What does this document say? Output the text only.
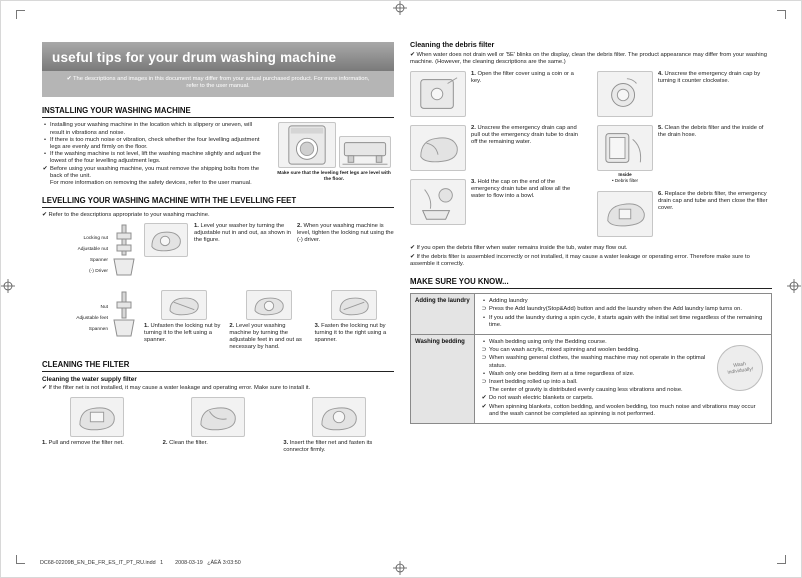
useful tips for your drum washing machine
✔ The descriptions and images in this document may differ from your actual purchased product. For more information, refer to the user manual.
INSTALLING YOUR WASHING MACHINE
• Installing your washing machine in the location which is slippery or uneven, will result in vibrations and noise.
• If there is too much noise or vibration, check whether the four levelling adjustment legs are evenly and firmly on the floor.
• If the washing machine is not level, lift the washing machine slightly and adjust the lowest of the four levelling adjustment legs.
✔ Before using your washing machine, you must remove the shipping bolts from the back of the unit.
For more information on removing the safety devices, refer to the user manual.
Make sure that the leveling feet legs are level with the floor.
LEVELLING YOUR WASHING MACHINE WITH THE LEVELLING FEET
✔ Refer to the descriptions appropriate to your washing machine.
Locking nut
Adjustable nut
Spanner
(-) Driver
1. Level your washer by turning the adjustable nut in and out, as shown in the figure.
2. When your washing machine is level, tighten the locking nut using the (-) driver.
Nut
Adjustable feet
Spannen
1. Unfasten the locking nut by turning it to the left using a spanner.
2. Level your washing machine by turning the adjustable feet in and out as necessary by hand.
3. Fasten the locking nut by turning it to the right using a spanner.
CLEANING THE FILTER
Cleaning the water supply filter
✔ If the filter net is not installed, it may cause a water leakage and operating error. Make sure to install it.
1. Pull and remove the filter net.	2. Clean the filter.	3. Insert the filter net and fasten its connector firmly.
Cleaning the debris filter
✔ When water does not drain well or '5E' blinks on the display, clean the debris filter. The product appearance may differ from your washing machine. (However, the cleaning descriptions are the same.)
1. Open the filter cover using a coin or a key.
2. Unscrew the emergency drain cap and pull out the emergency drain tube to drain off the remaining water.
3. Hold the cap on the end of the emergency drain tube and allow all the water to flow into a bowl.
4. Unscrew the emergency drain cap by turning it counter clockwise.
Inside
• Debris filter
5. Clean the debris filter and the inside of the drain hose.
6. Replace the debris filter, the emergency drain cap and tube and then close the filter cover.
✔ If you open the debris filter when water remains inside the tub, water may flow out.
✔ If the debris filter is assembled incorrectly or not installed, it may cause a water leakage or operating error. Therefore make sure to assemble it correctly.
MAKE SURE YOU KNOW...
Adding the laundry	• Adding laundry
⊃ Press the Add laundry(Stop&Add) button and add the laundry when the Add laundry lamp turns on.
• If you add the laundry during a spin cycle, it starts again with the initial set time regardless of the remaining time.
Washing bedding	• Wash bedding using only the Bedding course.
⊃ You can wash acrylic, mixed spinning and woolen bedding.
⊃ When washing general clothes, the washing machine may not operate in the optimal status.
• Wash only one bedding item at a time regardless of size.
⊃ Insert bedding rolled up into a ball.
The center of gravity is distributed evenly causing less vibrations and noise.
✔ Do not wash electric blankets or carpets.
✔ When spinning blankets, cotton bedding, and woolen bedding, too much noise and vibrations may occur and the wash cannot be completed as spinning is not performed.
Wash individually!
DC68-02209B_EN_DE_FR_ES_IT_PT_RU.indd   1        2008-03-19   ¿ÀÈÄ 3:03:50
